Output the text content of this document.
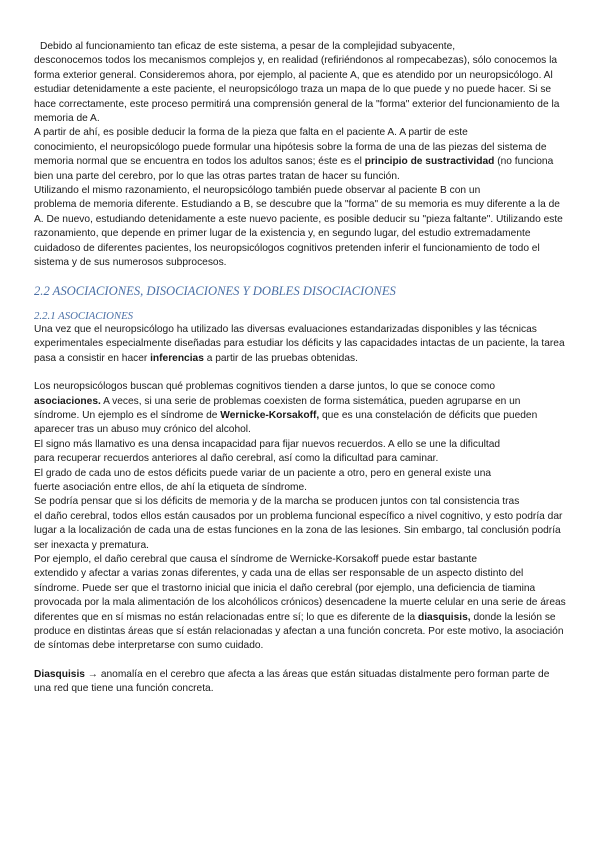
Debido al funcionamiento tan eficaz de este sistema, a pesar de la complejidad subyacente,
desconocemos todos los mecanismos complejos y, en realidad (refiriéndonos al rompecabezas), sólo conocemos la forma exterior general. Consideremos ahora, por ejemplo, al paciente A, que es atendido por un neuropsicólogo. Al estudiar detenidamente a este paciente, el neuropsicólogo traza un mapa de lo que puede y no puede hacer. Si se hace correctamente, este proceso permitirá una comprensión general de la "forma" exterior del funcionamiento de la memoria de A.

A partir de ahí, es posible deducir la forma de la pieza que falta en el paciente A. A partir de este
conocimiento, el neuropsicólogo puede formular una hipótesis sobre la forma de una de las piezas del sistema de memoria normal que se encuentra en todos los adultos sanos; éste es el principio de sustractividad (no funciona bien una parte del cerebro, por lo que las otras partes tratan de hacer su función.

Utilizando el mismo razonamiento, el neuropsicólogo también puede observar al paciente B con un
problema de memoria diferente. Estudiando a B, se descubre que la "forma" de su memoria es muy diferente a la de A. De nuevo, estudiando detenidamente a este nuevo paciente, es posible deducir su "pieza faltante". Utilizando este razonamiento, que depende en primer lugar de la existencia y, en segundo lugar, del estudio extremadamente cuidadoso de diferentes pacientes, los neuropsicólogos cognitivos pretenden inferir el funcionamiento de todo el sistema y de sus numerosos subprocesos.

2.2 ASOCIACIONES, DISOCIACIONES Y DOBLES DISOCIACIONES
2.2.1 ASOCIACIONES

Una vez que el neuropsicólogo ha utilizado las diversas evaluaciones estandarizadas disponibles y las técnicas experimentales especialmente diseñadas para estudiar los déficits y las capacidades intactas de un paciente, la tarea pasa a consistir en hacer inferencias a partir de las pruebas obtenidas.

Los neuropsicólogos buscan qué problemas cognitivos tienden a darse juntos, lo que se conoce como
asociaciones. A veces, si una serie de problemas coexisten de forma sistemática, pueden agruparse en un síndrome. Un ejemplo es el síndrome de Wernicke-Korsakoff, que es una constelación de déficits que pueden aparecer tras un abuso muy crónico del alcohol.

El signo más llamativo es una densa incapacidad para fijar nuevos recuerdos. A ello se une la dificultad
para recuperar recuerdos anteriores al daño cerebral, así como la dificultad para caminar.

El grado de cada uno de estos déficits puede variar de un paciente a otro, pero en general existe una
fuerte asociación entre ellos, de ahí la etiqueta de síndrome.

Se podría pensar que si los déficits de memoria y de la marcha se producen juntos con tal consistencia tras
el daño cerebral, todos ellos están causados por un problema funcional específico a nivel cognitivo, y esto podría dar lugar a la localización de cada una de estas funciones en la zona de las lesiones. Sin embargo, tal conclusión podría ser inexacta y prematura.

Por ejemplo, el daño cerebral que causa el síndrome de Wernicke-Korsakoff puede estar bastante
extendido y afectar a varias zonas diferentes, y cada una de ellas ser responsable de un aspecto distinto del síndrome. Puede ser que el trastorno inicial que inicia el daño cerebral (por ejemplo, una deficiencia de tiamina provocada por la mala alimentación de los alcohólicos crónicos) desencadene la muerte celular en una serie de áreas diferentes que en sí mismas no están relacionadas entre sí; lo que es diferente de la diasquisis, donde la lesión se produce en distintas áreas que sí están relacionadas y afectan a una función concreta. Por este motivo, la asociación de síntomas debe interpretarse con sumo cuidado.

Diasquisis → anomalía en el cerebro que afecta a las áreas que están situadas distalmente pero forman parte de una red que tiene una función concreta.
